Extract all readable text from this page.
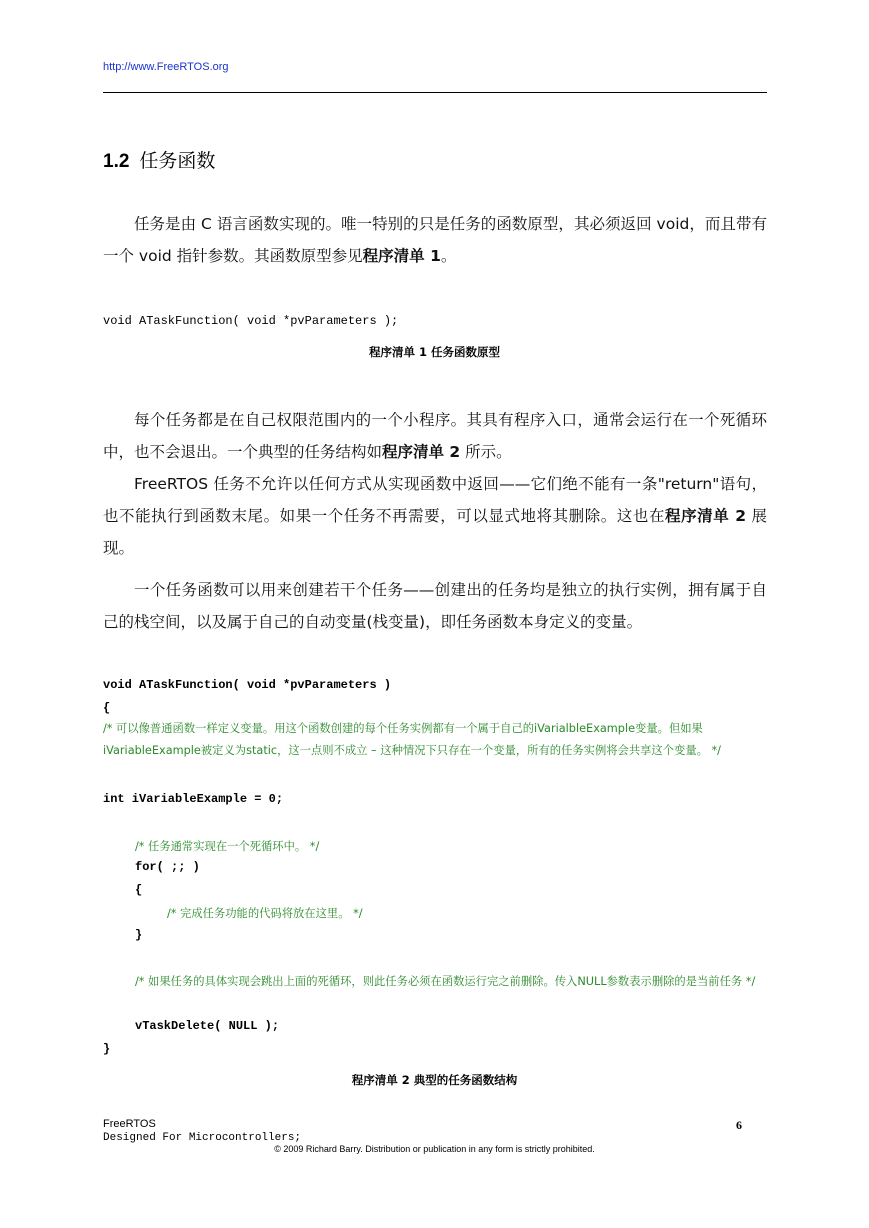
http://www.FreeRTOS.org
1.2 任务函数

任务是由 C 语言函数实现的。唯一特别的只是任务的函数原型，其必须返回 void，而且带有一个 void 指针参数。其函数原型参见程序清单 1。

void ATaskFunction( void *pvParameters );
程序清单 1 任务函数原型

每个任务都是在自己权限范围内的一个小程序。其具有程序入口，通常会运行在一个死循环中，也不会退出。一个典型的任务结构如程序清单 2 所示。

FreeRTOS 任务不允许以任何方式从实现函数中返回——它们绝不能有一条"return"语句，也不能执行到函数末尾。如果一个任务不再需要，可以显式地将其删除。这也在程序清单 2 展现。

一个任务函数可以用来创建若干个任务——创建出的任务均是独立的执行实例，拥有属于自己的栈空间，以及属于自己的自动变量(栈变量)，即任务函数本身定义的变量。

void ATaskFunction( void *pvParameters )
{
/* 可以像普通函数一样定义变量。用这个函数创建的每个任务实例都有一个属于自己的iVarialbleExample变量。但如果iVariableExample被定义为static，这一点则不成立 – 这种情况下只存在一个变量，所有的任务实例将会共享这个变量。 */
int iVariableExample = 0;
/* 任务通常实现在一个死循环中。 */
for( ;; )
{
/* 完成任务功能的代码将放在这里。 */
}
/* 如果任务的具体实现会跳出上面的死循环，则此任务必须在函数运行完之前删除。传入NULL参数表示删除的是当前任务 */
vTaskDelete( NULL );
}
程序清单 2 典型的任务函数结构
FreeRTOS
Designed For Microcontrollers;
6
© 2009 Richard Barry. Distribution or publication in any form is strictly prohibited.
